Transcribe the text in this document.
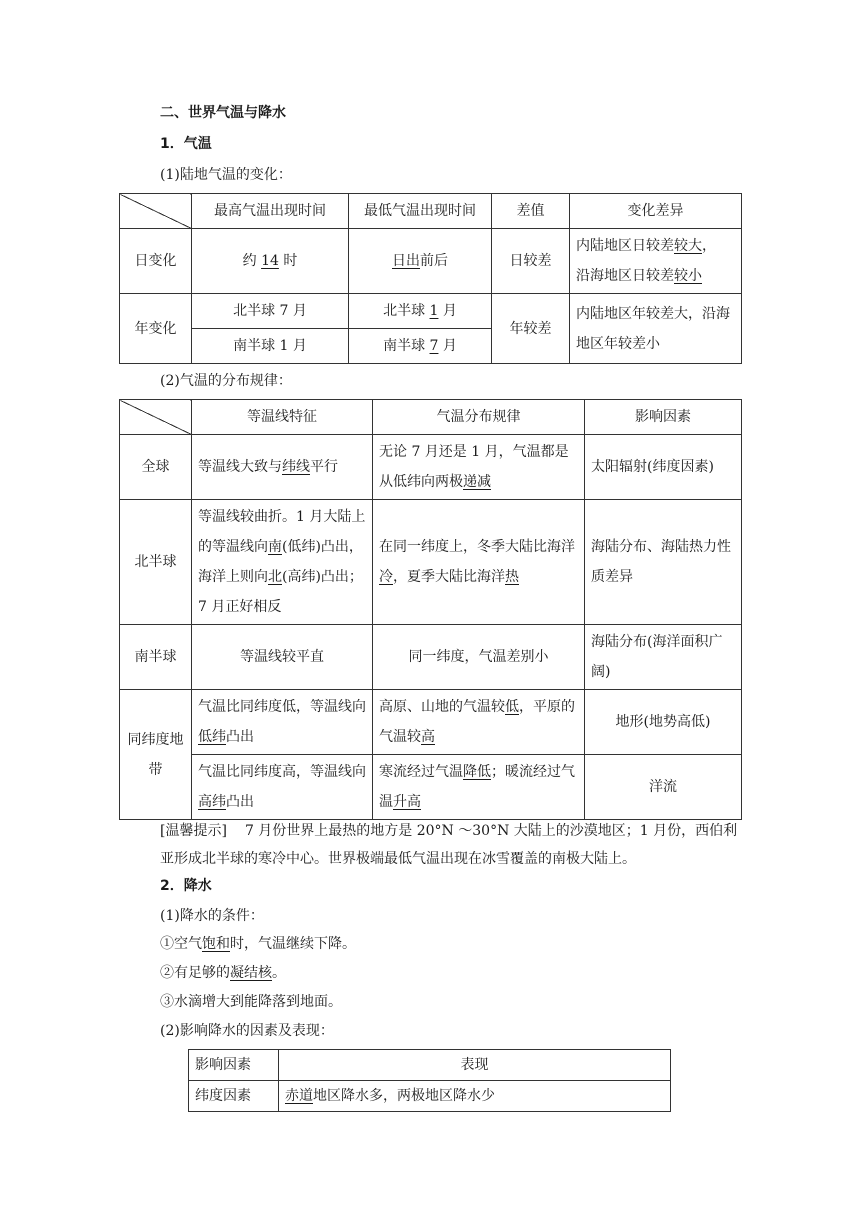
二、世界气温与降水
1．气温
(1)陆地气温的变化：
	最高气温出现时间	最低气温出现时间	差值	变化差异
日变化	约 14 时	日出前后	日较差	内陆地区日较差较大，
沿海地区日较差较小
年变化	北半球 7 月	北半球 1 月	年较差	内陆地区年较差大，沿海地区年较差小
	南半球 1 月	南半球 7 月		
(2)气温的分布规律：
	等温线特征	气温分布规律	影响因素
全球	等温线大致与纬线平行	无论 7 月还是 1 月，气温都是从低纬向两极递减	太阳辐射(纬度因素)
北半球	等温线较曲折。1 月大陆上的等温线向南(低纬)凸出，海洋上则向北(高纬)凸出；7 月正好相反	在同一纬度上，冬季大陆比海洋冷，夏季大陆比海洋热	海陆分布、海陆热力性质差异
南半球	等温线较平直	同一纬度，气温差别小	海陆分布(海洋面积广阔)
同纬度地带	气温比同纬度低，等温线向低纬凸出	高原、山地的气温较低，平原的气温较高	地形(地势高低)
	气温比同纬度高，等温线向高纬凸出	寒流经过气温降低；暖流经过气温升高	洋流
[温馨提示] 7 月份世界上最热的地方是 20°N ～30°N 大陆上的沙漠地区；1 月份，西伯利亚形成北半球的寒冷中心。世界极端最低气温出现在冰雪覆盖的南极大陆上。
2．降水
(1)降水的条件：
①空气饱和时，气温继续下降。
②有足够的凝结核。
③水滴增大到能降落到地面。
(2)影响降水的因素及表现：
影响因素	表现
纬度因素	赤道地区降水多，两极地区降水少
